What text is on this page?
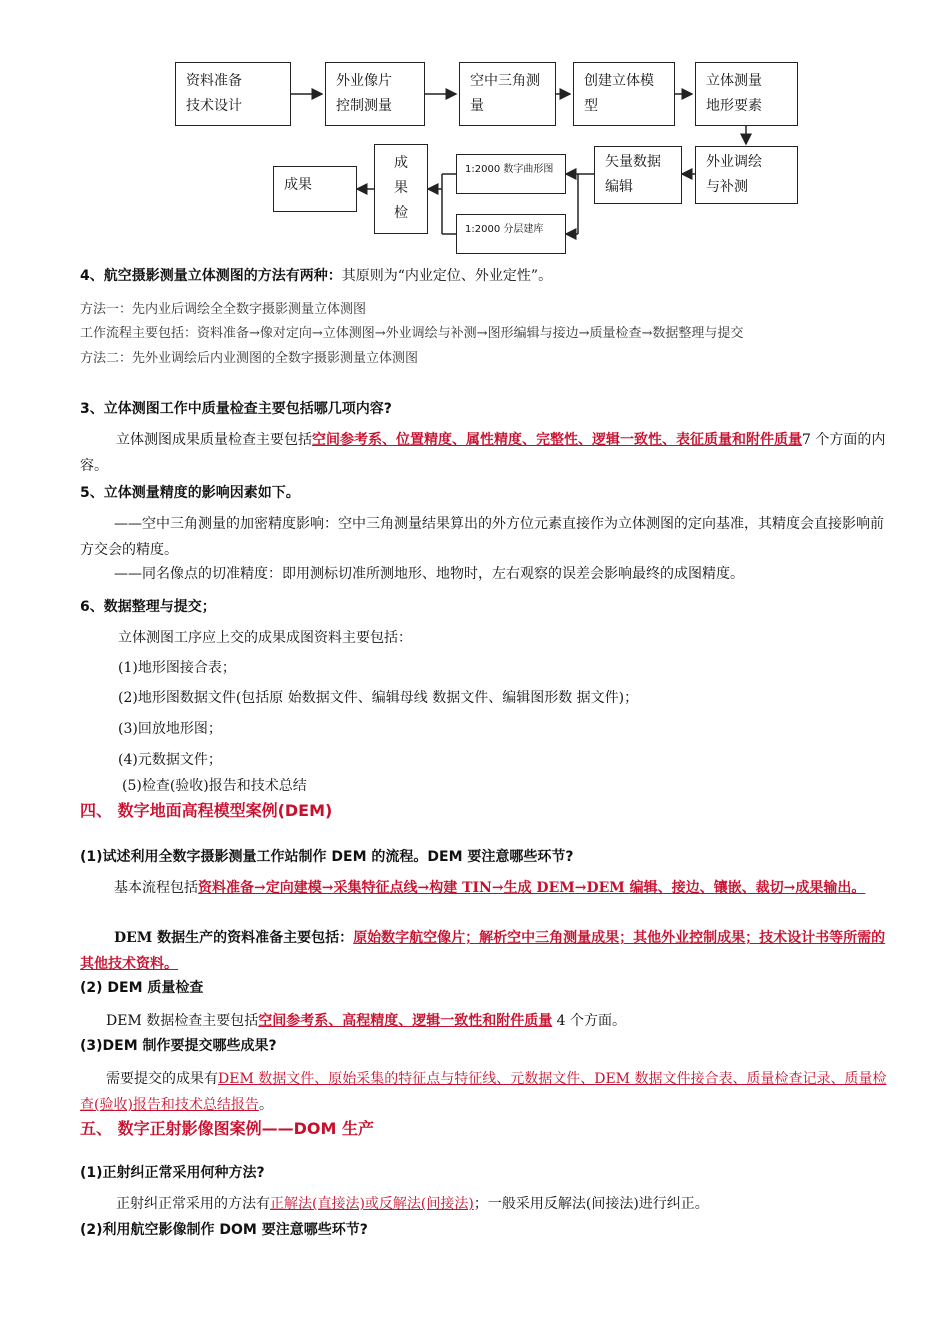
资料准备
技术设计
外业像片
控制测量
空中三角测
量
创建立体模
型
立体测量
地形要素
成果
成
果
检
1:2000 数字曲形图
1:2000 分层建库
矢量数据
编辑
外业调绘
与补测
4、航空摄影测量立体测图的方法有两种：其原则为“内业定位、外业定性”。
方法一：先内业后调绘全全数字摄影测量立体测图
工作流程主要包括：资料准备→像对定向→立体测图→外业调绘与补测→图形编辑与接边→质量检查→数据整理与提交
方法二：先外业调绘后内业测图的全数字摄影测量立体测图
3、立体测图工作中质量检查主要包括哪几项内容?
立体测图成果质量检查主要包括空间参考系、位置精度、属性精度、完整性、逻辑一致性、表征质量和附件质量7 个方面的内容。
5、立体测量精度的影响因素如下。
——空中三角测量的加密精度影响：空中三角测量结果算出的外方位元素直接作为立体测图的定向基准，其精度会直接影响前方交会的精度。
——同名像点的切准精度：即用测标切准所测地形、地物时，左右观察的误差会影响最终的成图精度。
6、数据整理与提交；
立体测图工序应上交的成果成图资料主要包括：
(1)地形图接合表；
(2)地形图数据文件(包括原 始数据文件、编辑母线 数据文件、编辑图形数 据文件)；
(3)回放地形图；
(4)元数据文件；
(5)检查(验收)报告和技术总结
四、 数字地面高程模型案例(DEM)
(1)试述利用全数字摄影测量工作站制作 DEM 的流程。DEM 要注意哪些环节?
基本流程包括资料准备→定向建模→采集特征点线→构建 TIN→生成 DEM→DEM 编辑、接边、镶嵌、裁切→成果输出。
DEM 数据生产的资料准备主要包括：原始数字航空像片；解析空中三角测量成果；其他外业控制成果；技术设计书等所需的其他技术资料。
(2) DEM 质量检查
DEM 数据检查主要包括空间参考系、高程精度、逻辑一致性和附件质量 4 个方面。
(3)DEM 制作要提交哪些成果?
需要提交的成果有DEM 数据文件、原始采集的特征点与特征线、元数据文件、DEM 数据文件接合表、质量检查记录、质量检查(验收)报告和技术总结报告。
五、 数字正射影像图案例——DOM 生产
(1)正射纠正常采用何种方法?
正射纠正常采用的方法有正解法(直接法)或反解法(间接法)；一般采用反解法(间接法)进行纠正。
(2)利用航空影像制作 DOM 要注意哪些环节?
